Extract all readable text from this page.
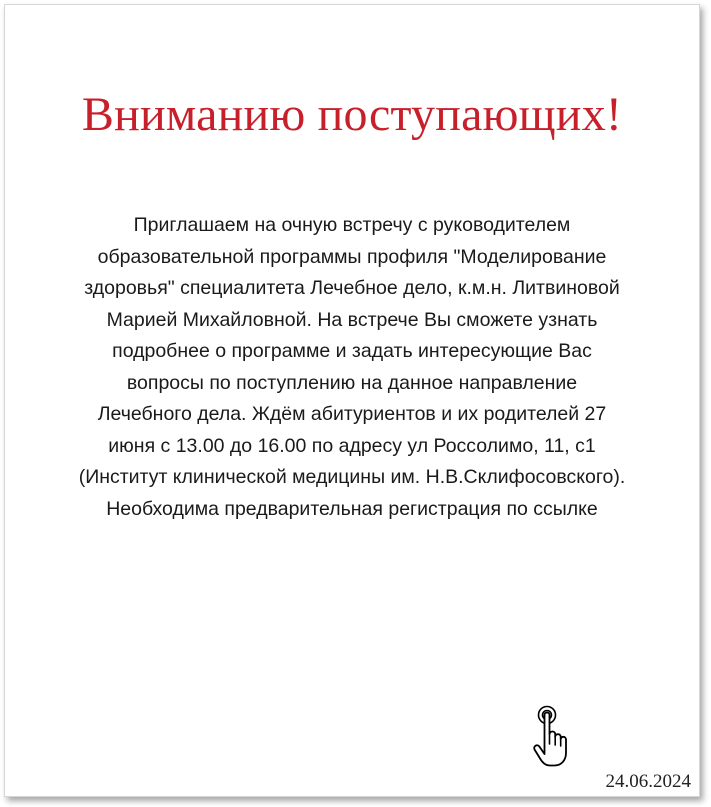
Вниманию поступающих!

Приглашаем на очную встречу с руководителем
образовательной программы профиля "Моделирование
здоровья" специалитета Лечебное дело, к.м.н. Литвиновой
Марией Михайловной. На встрече Вы сможете узнать
подробнее о программе и задать интересующие Вас
вопросы по поступлению на данное направление
Лечебного дела. Ждём абитуриентов и их родителей 27
июня с 13.00 до 16.00 по адресу ул Россолимо, 11, с1
(Институт клинической медицины им. Н.В.Склифосовского).
Необходима предварительная регистрация по ссылке

24.06.2024
